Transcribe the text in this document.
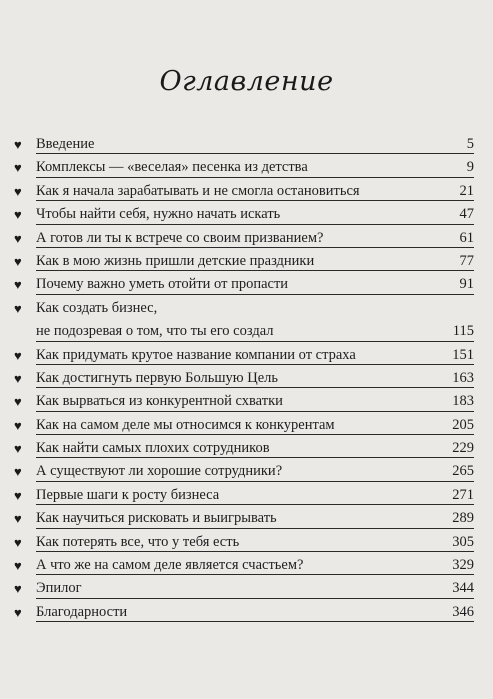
Оглавление
♥ Введение	5
♥ Комплексы — «веселая» песенка из детства	9
♥ Как я начала зарабатывать и не смогла остановиться	21
♥ Чтобы найти себя, нужно начать искать	47
♥ А готов ли ты к встрече со своим призванием?	61
♥ Как в мою жизнь пришли детские праздники	77
♥ Почему важно уметь отойти от пропасти	91
♥ Как создать бизнес,
не подозревая о том, что ты его создал	115
♥ Как придумать крутое название компании от страха	151
♥ Как достигнуть первую Большую Цель	163
♥ Как вырваться из конкурентной схватки	183
♥ Как на самом деле мы относимся к конкурентам	205
♥ Как найти самых плохих сотрудников	229
♥ А существуют ли хорошие сотрудники?	265
♥ Первые шаги к росту бизнеса	271
♥ Как научиться рисковать и выигрывать	289
♥ Как потерять все, что у тебя есть	305
♥ А что же на самом деле является счастьем?	329
♥ Эпилог	344
♥ Благодарности	346
